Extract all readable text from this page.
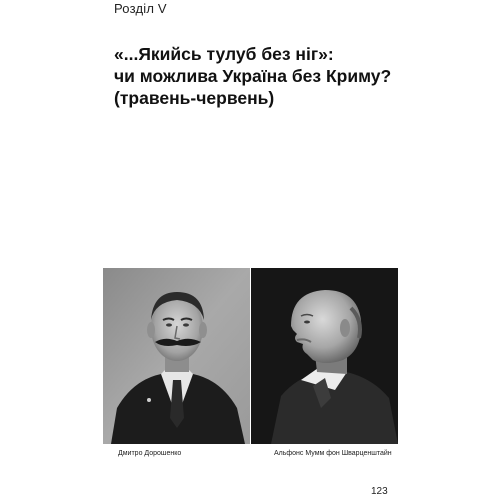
Розділ V
«...Якийсь тулуб без ніг»:
чи можлива Україна без Криму?
(травень-червень)
Дмитро Дорошенко	Альфонс Мумм фон Шварценштайн
123
